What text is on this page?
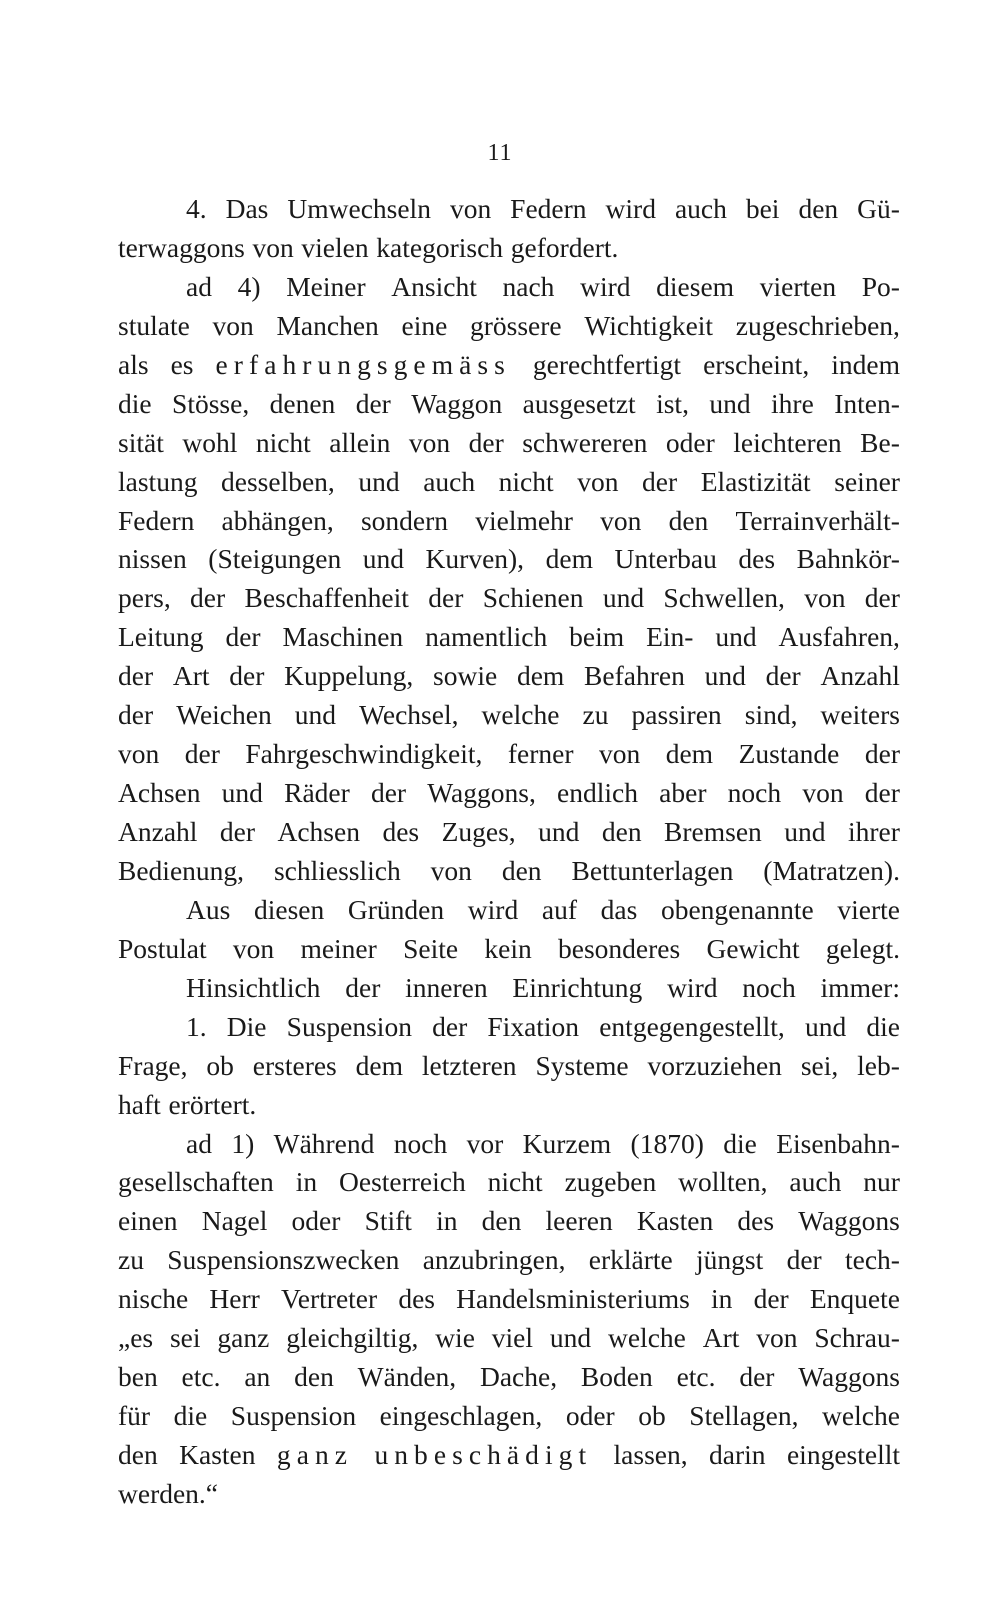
11
4. Das Umwechseln von Federn wird auch bei den Gü-
terwaggons von vielen kategorisch gefordert.
ad 4) Meiner Ansicht nach wird diesem vierten Po-
stulate von Manchen eine grössere Wichtigkeit zugeschrieben,
als es erfahrungsgemäss gerechtfertigt erscheint, indem
die Stösse, denen der Waggon ausgesetzt ist, und ihre Inten-
sität wohl nicht allein von der schwereren oder leichteren Be-
lastung desselben, und auch nicht von der Elastizität seiner
Federn abhängen, sondern vielmehr von den Terrainverhält-
nissen (Steigungen und Kurven), dem Unterbau des Bahnkör-
pers, der Beschaffenheit der Schienen und Schwellen, von der
Leitung der Maschinen namentlich beim Ein- und Ausfahren,
der Art der Kuppelung, sowie dem Befahren und der Anzahl
der Weichen und Wechsel, welche zu passiren sind, weiters
von der Fahrgeschwindigkeit, ferner von dem Zustande der
Achsen und Räder der Waggons, endlich aber noch von der
Anzahl der Achsen des Zuges, und den Bremsen und ihrer
Bedienung, schliesslich von den Bettunterlagen (Matratzen).
Aus diesen Gründen wird auf das obengenannte vierte
Postulat von meiner Seite kein besonderes Gewicht gelegt.
Hinsichtlich der inneren Einrichtung wird noch immer:
1. Die Suspension der Fixation entgegengestellt, und die
Frage, ob ersteres dem letzteren Systeme vorzuziehen sei, leb-
haft erörtert.
ad 1) Während noch vor Kurzem (1870) die Eisenbahn-
gesellschaften in Oesterreich nicht zugeben wollten, auch nur
einen Nagel oder Stift in den leeren Kasten des Waggons
zu Suspensionszwecken anzubringen, erklärte jüngst der tech-
nische Herr Vertreter des Handelsministeriums in der Enquete
„es sei ganz gleichgiltig, wie viel und welche Art von Schrau-
ben etc. an den Wänden, Dache, Boden etc. der Waggons
für die Suspension eingeschlagen, oder ob Stellagen, welche
den Kasten ganz unbeschädigt lassen, darin eingestellt
werden.“
